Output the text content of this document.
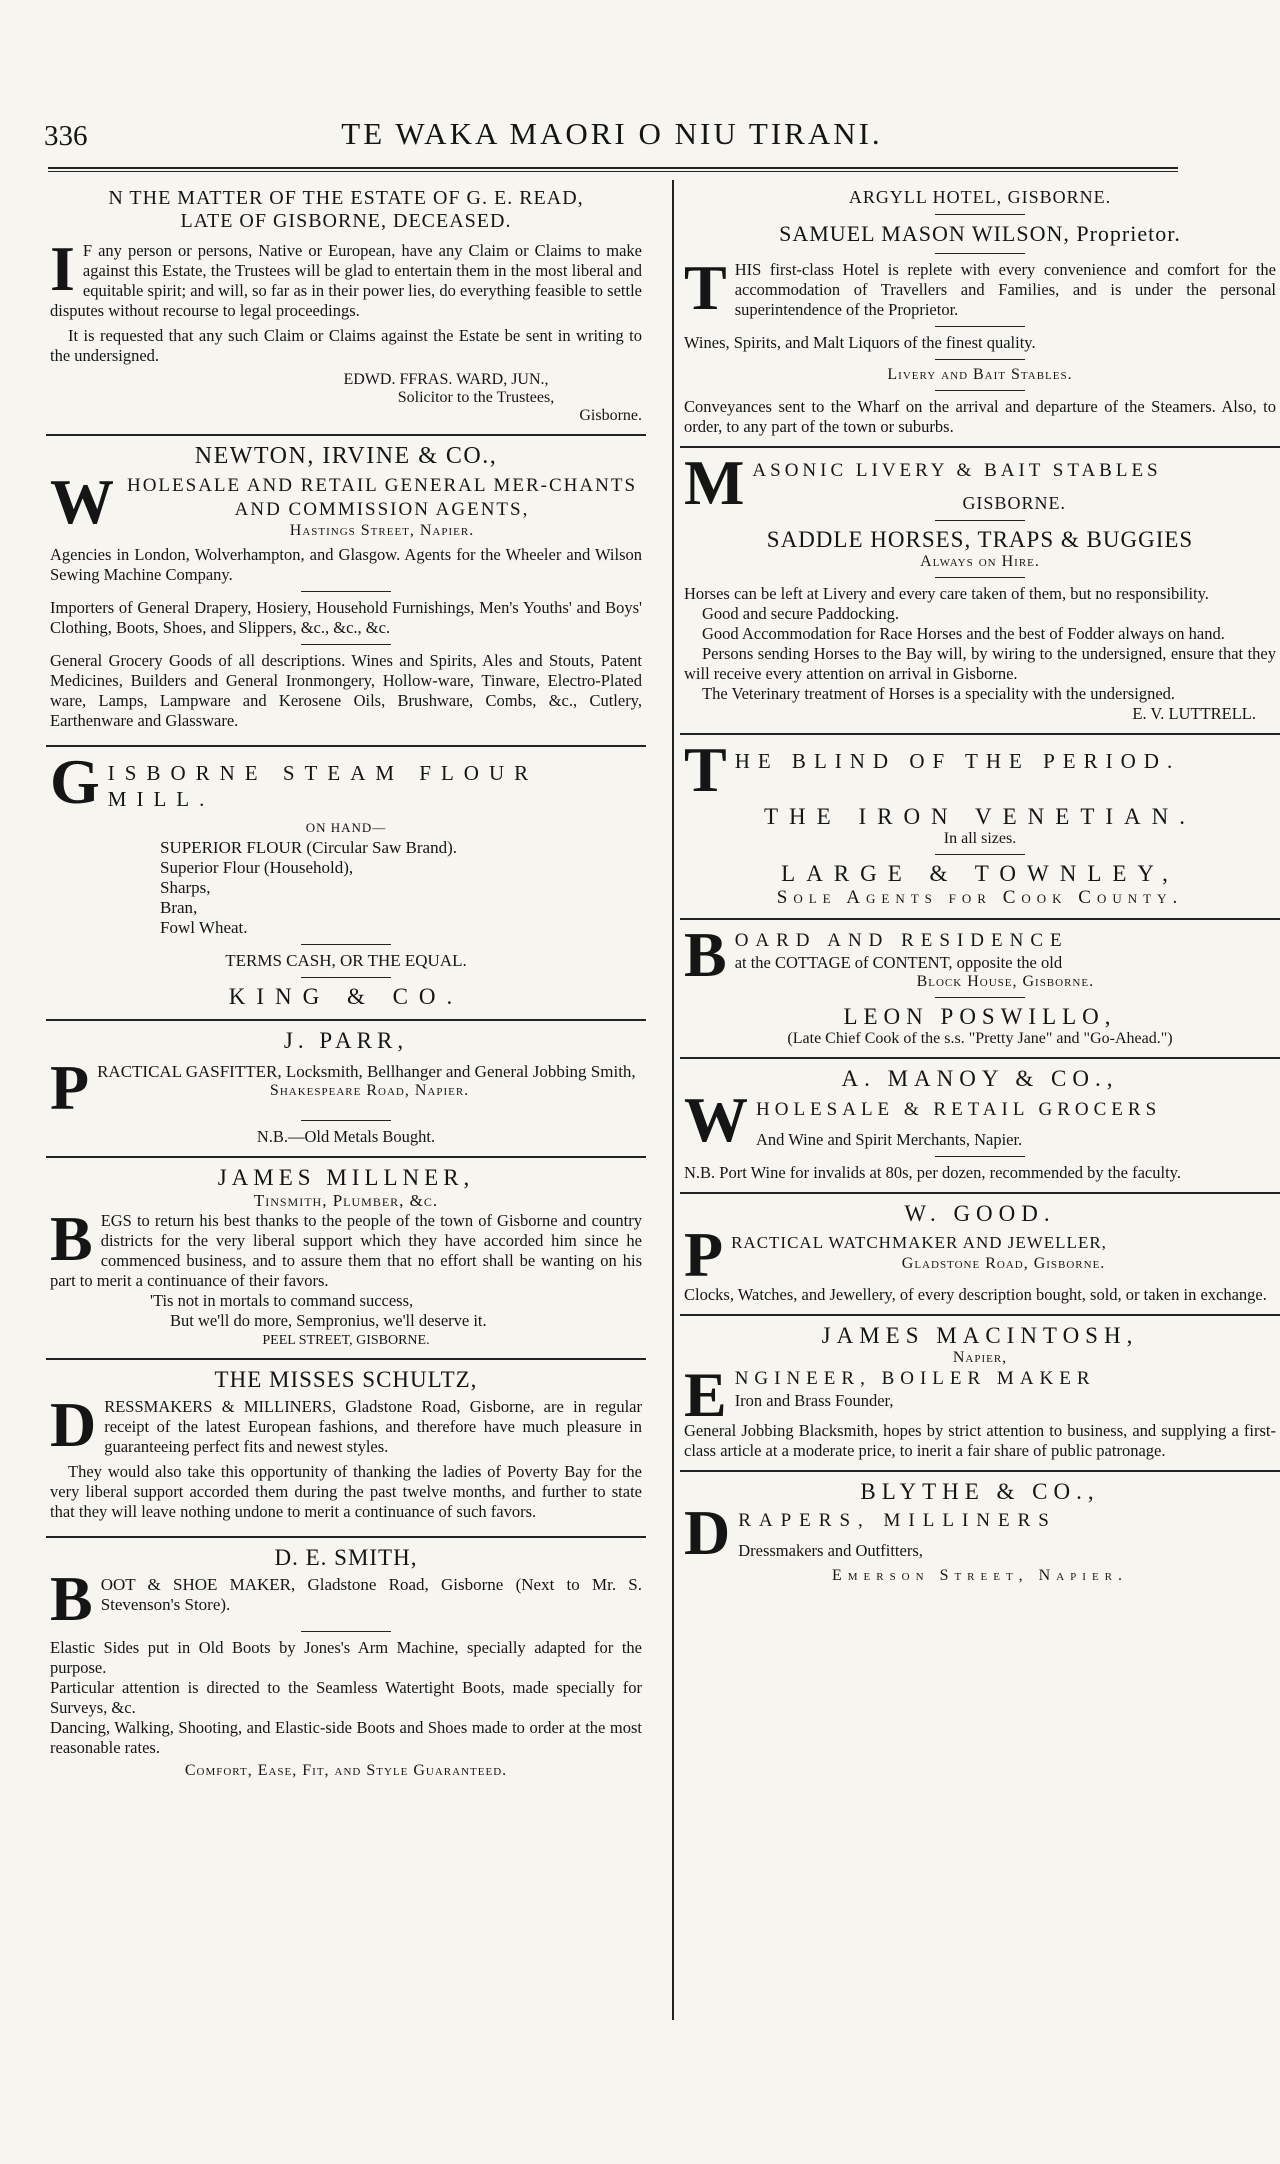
336	TE WAKA MAORI O NIU TIRANI.
N THE MATTER OF THE ESTATE OF G. E. READ,
LATE OF GISBORNE, DECEASED.
I F any person or persons, Native or European, have any Claim or Claims to make against this Estate, the Trustees will be glad to entertain them in the most liberal and equitable spirit; and will, so far as in their power lies, do everything feasible to settle disputes without recourse to legal proceedings.

It is requested that any such Claim or Claims against the Estate be sent in writing to the undersigned.

EDWD. FFRAS. WARD, JUN.,
Solicitor to the Trustees,
Gisborne.
NEWTON, IRVINE & CO.,
W HOLESALE AND RETAIL GENERAL MER-CHANTS AND COMMISSION AGENTS,
Hastings Street, Napier.

Agencies in London, Wolverhampton, and Glasgow. Agents for the Wheeler and Wilson Sewing Machine Company.

Importers of General Drapery, Hosiery, Household Furnishings, Men's Youths' and Boys' Clothing, Boots, Shoes, and Slippers, &c., &c., &c.

General Grocery Goods of all descriptions. Wines and Spirits, Ales and Stouts, Patent Medicines, Builders and General Ironmongery, Hollow-ware, Tinware, Electro-Plated ware, Lamps, Lampware and Kerosene Oils, Brushware, Combs, &c., Cutlery, Earthenware and Glassware.

G ISBORNE STEAM FLOUR MILL.
ON HAND—
SUPERIOR FLOUR (Circular Saw Brand).
Superior Flour (Household),
Sharps,
Bran,
Fowl Wheat.
TERMS CASH, OR THE EQUAL.
KING & CO.
J. PARR,
P RACTICAL GASFITTER, Locksmith, Bellhanger and General Jobbing Smith,
Shakespeare Road, Napier.
N.B.—Old Metals Bought.
JAMES MILLNER,
Tinsmith, Plumber, &c.
B EGS to return his best thanks to the people of the town of Gisborne and country districts for the very liberal support which they have accorded him since he commenced business, and to assure them that no effort shall be wanting on his part to merit a continuance of their favors.
'Tis not in mortals to command success,
But we'll do more, Sempronius, we'll deserve it.
PEEL STREET, GISBORNE.
THE MISSES SCHULTZ,
D RESSMAKERS & MILLINERS, Gladstone Road, Gisborne, are in regular receipt of the latest European fashions, and therefore have much pleasure in guaranteeing perfect fits and newest styles.

They would also take this opportunity of thanking the ladies of Poverty Bay for the very liberal support accorded them during the past twelve months, and further to state that they will leave nothing undone to merit a continuance of such favors.

D. E. SMITH,
B OOT & SHOE MAKER, Gladstone Road, Gisborne (Next to Mr. S. Stevenson's Store).
Elastic Sides put in Old Boots by Jones's Arm Machine, specially adapted for the purpose.
Particular attention is directed to the Seamless Watertight Boots, made specially for Surveys, &c.
Dancing, Walking, Shooting, and Elastic-side Boots and Shoes made to order at the most reasonable rates.
Comfort, Ease, Fit, and Style Guaranteed.
ARGYLL HOTEL, GISBORNE.
SAMUEL MASON WILSON, Proprietor.
T HIS first-class Hotel is replete with every convenience and comfort for the accommodation of Travellers and Families, and is under the personal superintendence of the Proprietor.
Wines, Spirits, and Malt Liquors of the finest quality.
Livery and Bait Stables.
Conveyances sent to the Wharf on the arrival and departure of the Steamers. Also, to order, to any part of the town or suburbs.
M ASONIC LIVERY & BAIT STABLES
GISBORNE.
SADDLE HORSES, TRAPS & BUGGIES
Always on Hire.
Horses can be left at Livery and every care taken of them, but no responsibility.
Good and secure Paddocking.
Good Accommodation for Race Horses and the best of Fodder always on hand.
Persons sending Horses to the Bay will, by wiring to the undersigned, ensure that they will receive every attention on arrival in Gisborne.
The Veterinary treatment of Horses is a speciality with the undersigned.
E. V. LUTTRELL.
T HE BLIND OF THE PERIOD.
THE IRON VENETIAN.
In all sizes.
LARGE & TOWNLEY,
Sole Agents for Cook County.
B OARD AND RESIDENCE
at the COTTAGE of CONTENT, opposite the old
Block House, Gisborne.
LEON POSWILLO,
(Late Chief Cook of the s.s. "Pretty Jane" and "Go-Ahead.")
A. MANOY & CO.,
W HOLESALE & RETAIL GROCERS
And Wine and Spirit Merchants, Napier.
N.B. Port Wine for invalids at 80s, per dozen, recommended by the faculty.
W. GOOD.
P RACTICAL WATCHMAKER AND JEWELLER,
Gladstone Road, Gisborne.
Clocks, Watches, and Jewellery, of every description bought, sold, or taken in exchange.
JAMES MACINTOSH,
Napier,
E NGINEER, BOILER MAKER
Iron and Brass Founder,
General Jobbing Blacksmith, hopes by strict attention to business, and supplying a first-class article at a moderate price, to inerit a fair share of public patronage.
BLYTHE & CO.,
D RAPERS, MILLINERS
Dressmakers and Outfitters,
Emerson Street, Napier.
